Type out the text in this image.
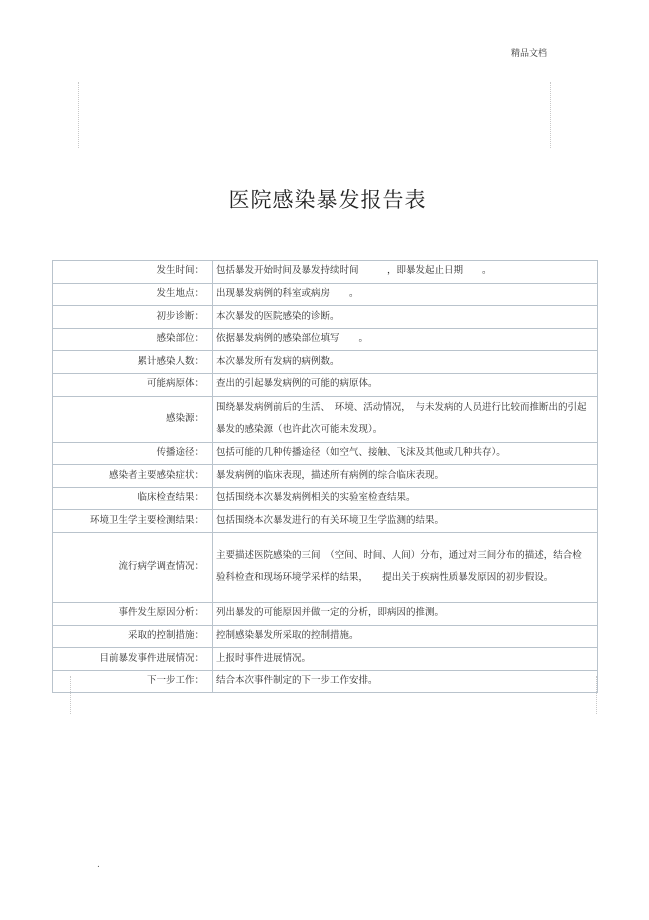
精品文档
医院感染暴发报告表
发生时间：	包括暴发开始时间及暴发持续时间　　　，即暴发起止日期　　。
发生地点：	出现暴发病例的科室或病房　　。
初步诊断：	本次暴发的医院感染的诊断。
感染部位：	依据暴发病例的感染部位填写　　。
累计感染人数：	本次暴发所有发病的病例数。
可能病原体：	查出的引起暴发病例的可能的病原体。
感染源：	围绕暴发病例前后的生活、　环境、活动情况，　与未发病的人员进行比较而推断出的引起暴发的感染源（也许此次可能未发现）。
传播途径：	包括可能的几种传播途径（如空气、接触、飞沫及其他或几种共存）。
感染者主要感染症状：	暴发病例的临床表现，描述所有病例的综合临床表现。
临床检查结果：	包括围绕本次暴发病例相关的实验室检查结果。
环境卫生学主要检测结果：	包括围绕本次暴发进行的有关环境卫生学监测的结果。
流行病学调查情况：	主要描述医院感染的三间　（空间、时间、人间）分布，通过对三间分布的描述，结合检验科检查和现场环境学采样的结果，　　提出关于疾病性质暴发原因的初步假设。
事件发生原因分析：	列出暴发的可能原因并做一定的分析，即病因的推测。
采取的控制措施：	控制感染暴发所采取的控制措施。
目前暴发事件进展情况：	上报时事件进展情况。
下一步工作：	结合本次事件制定的下一步工作安排。
.
